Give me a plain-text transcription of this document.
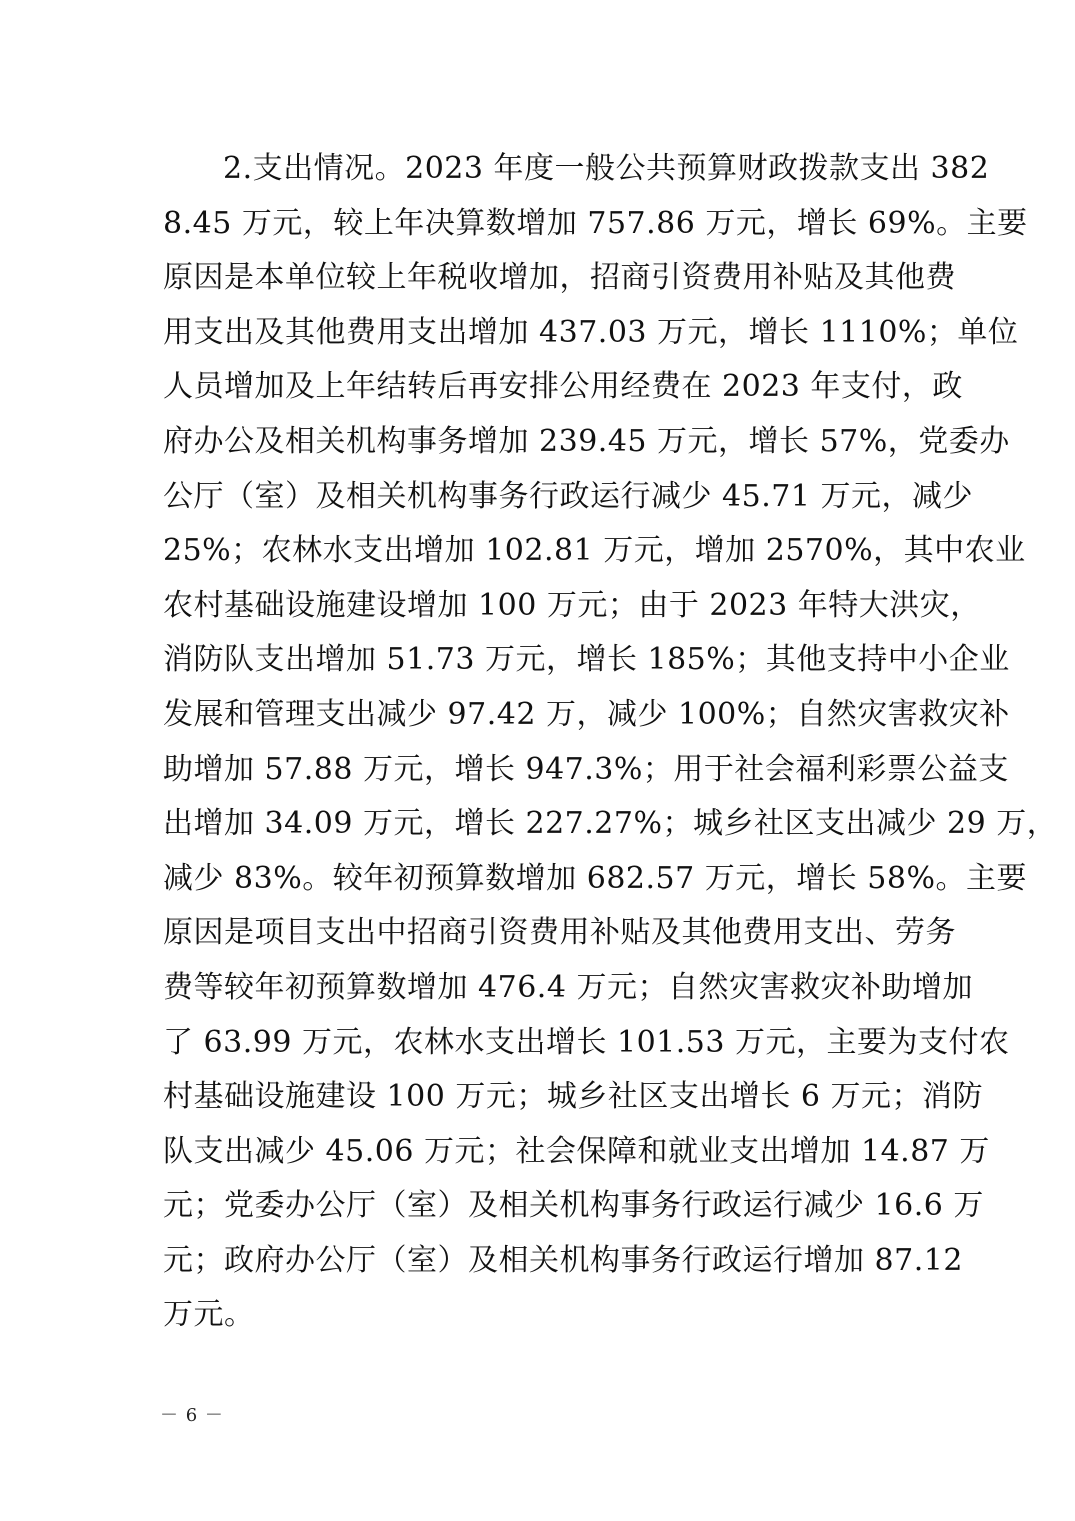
2.支出情况。2023 年度一般公共预算财政拨款支出 382
8.45 万元，较上年决算数增加 757.86 万元，增长 69%。主要
原因是本单位较上年税收增加，招商引资费用补贴及其他费
用支出及其他费用支出增加 437.03 万元，增长 1110%；单位
人员增加及上年结转后再安排公用经费在 2023 年支付，政
府办公及相关机构事务增加 239.45 万元，增长 57%，党委办
公厅（室）及相关机构事务行政运行减少 45.71 万元，减少
25%；农林水支出增加 102.81 万元，增加 2570%，其中农业
农村基础设施建设增加 100 万元；由于 2023 年特大洪灾，
消防队支出增加 51.73 万元，增长 185%；其他支持中小企业
发展和管理支出减少 97.42 万，减少 100%；自然灾害救灾补
助增加 57.88 万元，增长 947.3%；用于社会福利彩票公益支
出增加 34.09 万元，增长 227.27%；城乡社区支出减少 29 万，
减少 83%。较年初预算数增加 682.57 万元，增长 58%。主要
原因是项目支出中招商引资费用补贴及其他费用支出、劳务
费等较年初预算数增加 476.4 万元；自然灾害救灾补助增加
了 63.99 万元，农林水支出增长 101.53 万元，主要为支付农
村基础设施建设 100 万元；城乡社区支出增长 6 万元；消防
队支出减少 45.06 万元；社会保障和就业支出增加 14.87 万
元；党委办公厅（室）及相关机构事务行政运行减少 16.6 万
元；政府办公厅（室）及相关机构事务行政运行增加 87.12
万元。
－ 6 －
